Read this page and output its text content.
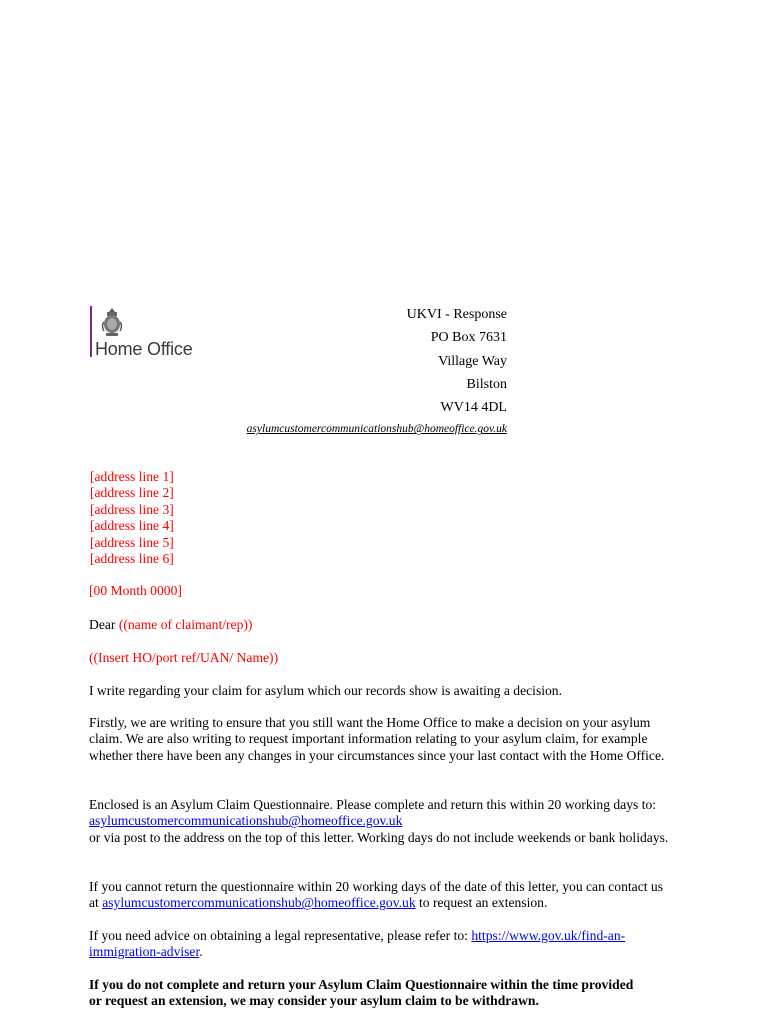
Home Office
UKVI - Response
PO Box 7631
Village Way
Bilston
WV14 4DL
asylumcustomercommunicationshub@homeoffice.gov.uk
[address line 1]
[address line 2]
[address line 3]
[address line 4]
[address line 5]
[address line 6]
[00 Month 0000]
Dear ((name of claimant/rep))
((Insert HO/port ref/UAN/ Name))
I write regarding your claim for asylum which our records show is awaiting a decision.
Firstly, we are writing to ensure that you still want the Home Office to make a decision on your asylum claim. We are also writing to request important information relating to your asylum claim, for example whether there have been any changes in your circumstances since your last contact with the Home Office.
Enclosed is an Asylum Claim Questionnaire. Please complete and return this within 20 working days to: asylumcustomercommunicationshub@homeoffice.gov.uk
or via post to the address on the top of this letter. Working days do not include weekends or bank holidays.
If you cannot return the questionnaire within 20 working days of the date of this letter, you can contact us at asylumcustomercommunicationshub@homeoffice.gov.uk to request an extension.
If you need advice on obtaining a legal representative, please refer to: https://www.gov.uk/find-an-immigration-adviser.
If you do not complete and return your Asylum Claim Questionnaire within the time provided or request an extension, we may consider your asylum claim to be withdrawn.
